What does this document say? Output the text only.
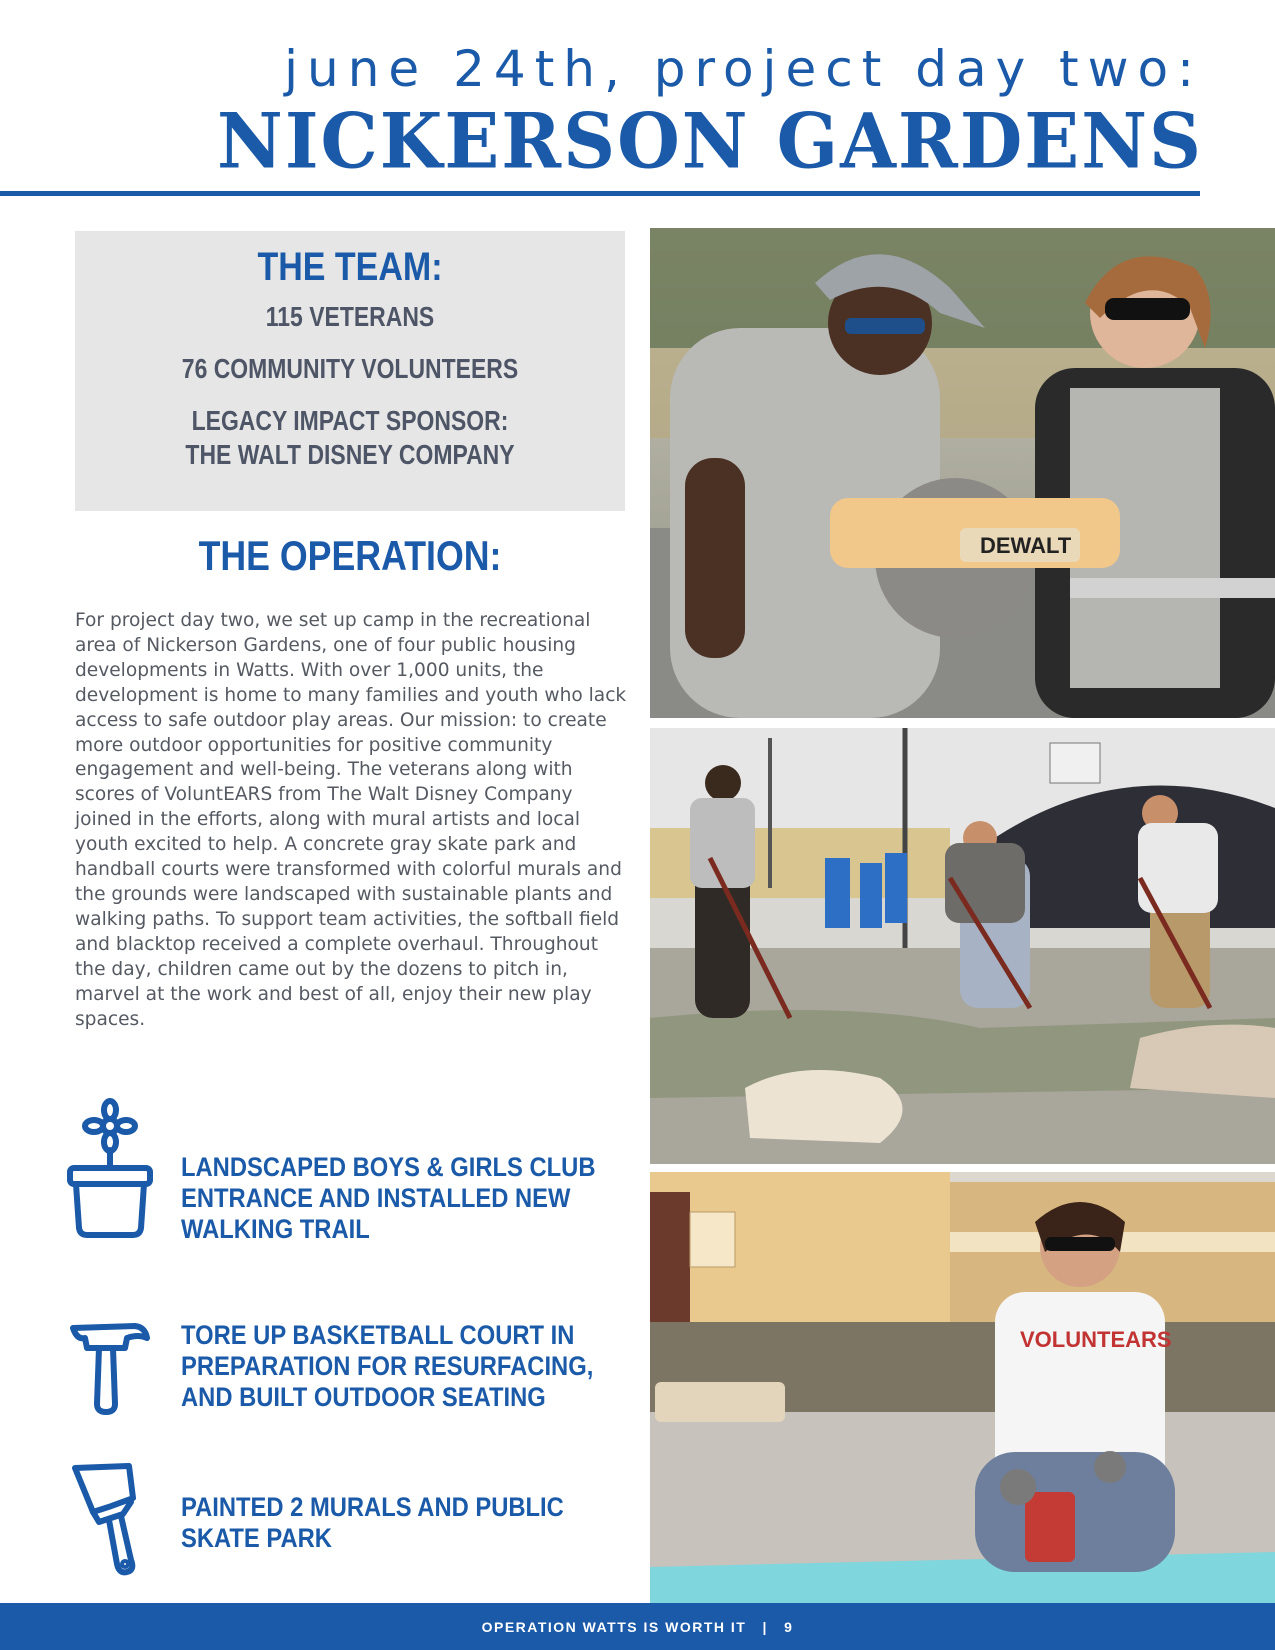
june 24th, project day two:
NICKERSON GARDENS
THE TEAM:
115 VETERANS
76 COMMUNITY VOLUNTEERS
LEGACY IMPACT SPONSOR:
THE WALT DISNEY COMPANY
THE OPERATION:

For project day two, we set up camp in the recreational area of Nickerson Gardens, one of four public housing developments in Watts. With over 1,000 units, the development is home to many families and youth who lack access to safe outdoor play areas. Our mission: to create more outdoor opportunities for positive community engagement and well-being. The veterans along with scores of VoluntEARS from The Walt Disney Company joined in the efforts, along with mural artists and local youth excited to help. A concrete gray skate park and handball courts were transformed with colorful murals and the grounds were landscaped with sustainable plants and walking paths. To support team activities, the softball field and blacktop received a complete overhaul. Throughout the day, children came out by the dozens to pitch in, marvel at the work and best of all, enjoy their new play spaces.

LANDSCAPED BOYS & GIRLS CLUB ENTRANCE AND INSTALLED NEW WALKING TRAIL
TORE UP BASKETBALL COURT IN PREPARATION FOR RESURFACING, AND BUILT OUTDOOR SEATING
PAINTED 2 MURALS AND PUBLIC SKATE PARK
DEWALT
VOLUNTEARS
OPERATION WATTS IS WORTH IT   |   9
